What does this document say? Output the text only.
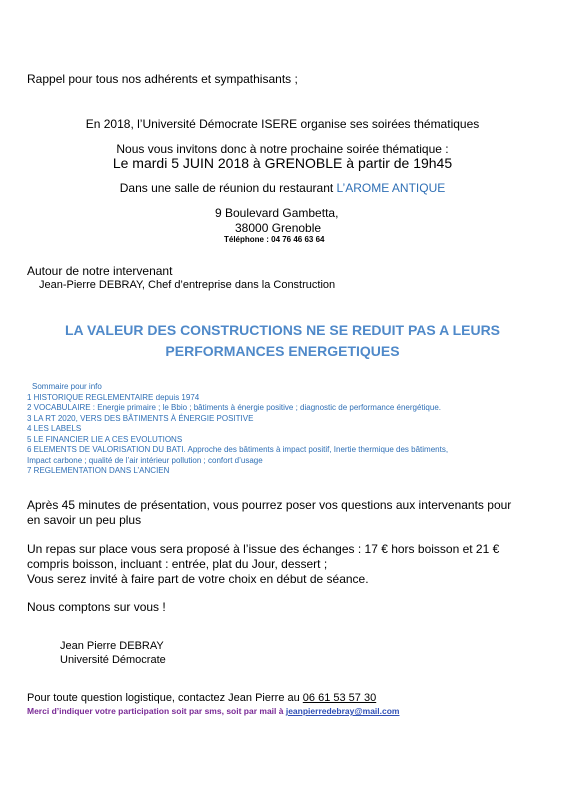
Rappel pour tous nos adhérents et sympathisants ;
En 2018, l’Université Démocrate ISERE organise ses soirées thématiques
Nous vous invitons donc à notre prochaine soirée thématique :
Le mardi 5 JUIN 2018 à GRENOBLE à partir de 19h45
Dans une salle de réunion du restaurant L’AROME ANTIQUE
9 Boulevard Gambetta,
38000 Grenoble
Téléphone : 04 76 46 63 64
Autour de notre intervenant
Jean-Pierre DEBRAY, Chef d’entreprise dans la Construction
LA VALEUR DES CONSTRUCTIONS NE SE REDUIT PAS A LEURS
PERFORMANCES ENERGETIQUES
Sommaire pour info
1 HISTORIQUE REGLEMENTAIRE depuis 1974
2 VOCABULAIRE : Energie primaire ; le Bbio ; bâtiments à énergie positive ; diagnostic de performance énergétique.
3 LA RT 2020, VERS DES BÂTIMENTS À ÉNERGIE POSITIVE
4 LES LABELS
5 LE FINANCIER LIE A CES EVOLUTIONS
6 ELEMENTS DE VALORISATION DU BATI. Approche des bâtiments à impact positif, Inertie thermique des bâtiments,
Impact carbone ; qualité de l’air intérieur pollution ; confort d’usage
7 REGLEMENTATION DANS L’ANCIEN
Après 45 minutes de présentation, vous pourrez poser vos questions aux intervenants pour
en savoir un peu plus
Un repas sur place vous sera proposé à l’issue des échanges : 17 € hors boisson et 21 €
compris boisson, incluant : entrée, plat du Jour, dessert ;
Vous serez invité à faire part de votre choix en début de séance.
Nous comptons sur vous !
Jean Pierre DEBRAY
Université Démocrate
Pour toute question logistique, contactez Jean Pierre au 06 61 53 57 30
Merci d’indiquer votre participation soit par sms, soit par mail à jeanpierredebray@mail.com
